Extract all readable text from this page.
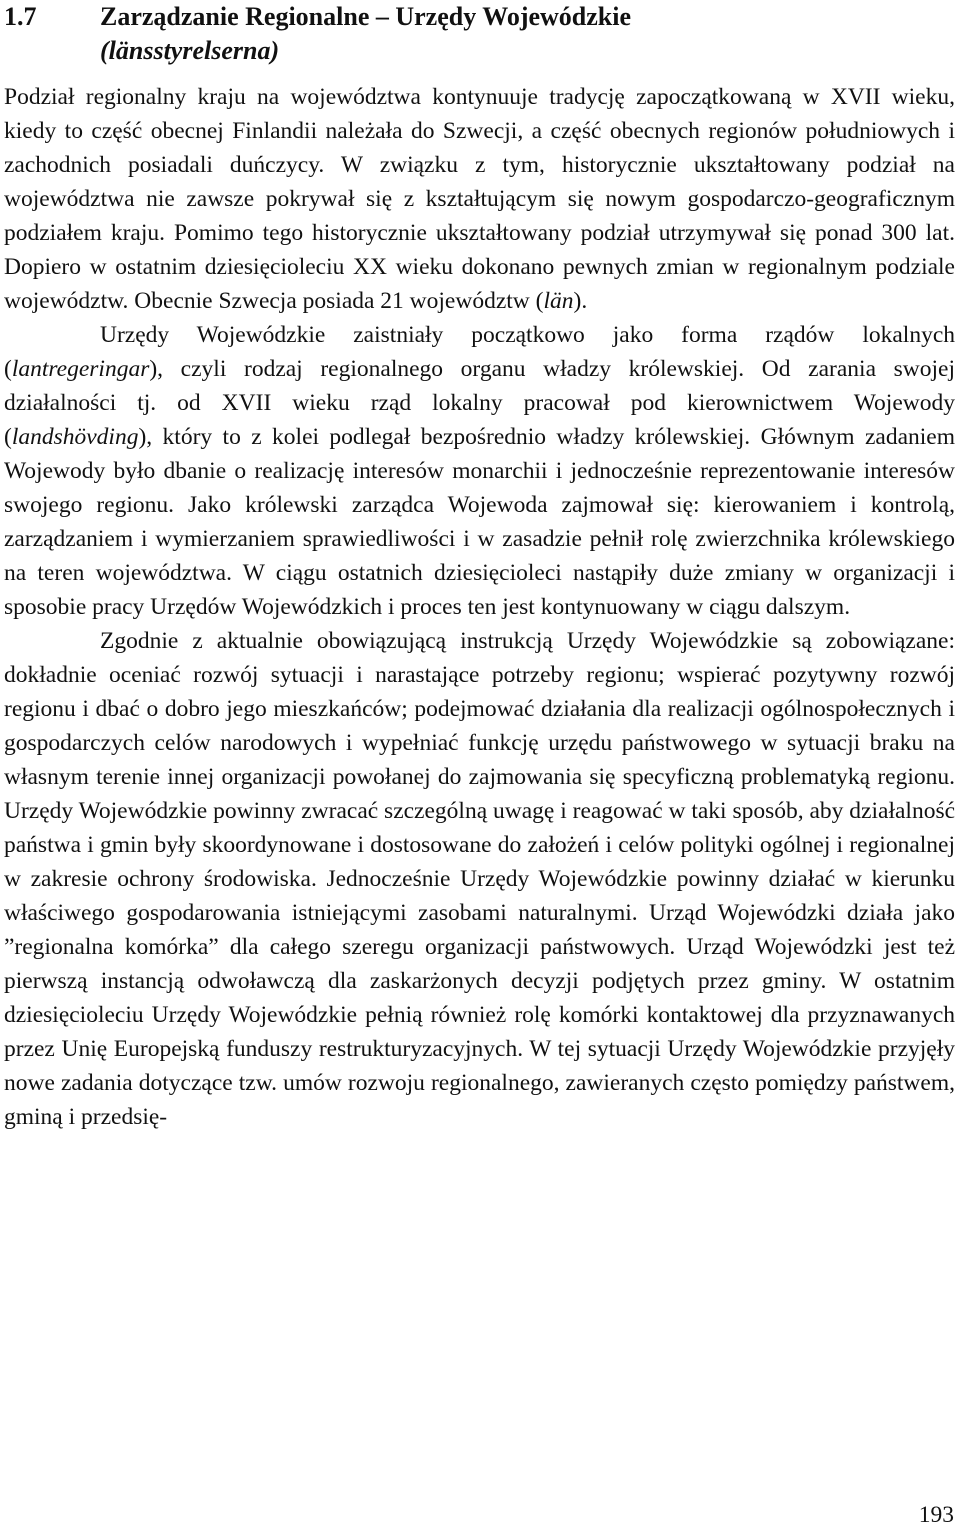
1.7 Zarządzanie Regionalne – Urzędy Wojewódzkie
(länsstyrelserna)

Podział regionalny kraju na województwa kontynuuje tradycję zapoczątkowaną w XVII wieku, kiedy to część obecnej Finlandii należała do Szwecji, a część obecnych regionów południowych i zachodnich posiadali duńczycy. W związku z tym, historycznie ukształtowany podział na województwa nie zawsze pokrywał się z kształtującym się nowym gospodarczo-geograficznym podziałem kraju. Pomimo tego historycznie ukształtowany podział utrzymywał się ponad 300 lat. Dopiero w ostatnim dziesięcioleciu XX wieku dokonano pewnych zmian w regionalnym podziale województw. Obecnie Szwecja posiada 21 województw (län).

Urzędy Wojewódzkie zaistniały początkowo jako forma rządów lokalnych (lantregeringar), czyli rodzaj regionalnego organu władzy królewskiej. Od zarania swojej działalności tj. od XVII wieku rząd lokalny pracował pod kierownictwem Wojewody (landshövding), który to z kolei podlegał bezpośrednio władzy królewskiej. Głównym zadaniem Wojewody było dbanie o realizację interesów monarchii i jednocześnie reprezentowanie interesów swojego regionu. Jako królewski zarządca Wojewoda zajmował się: kierowaniem i kontrolą, zarządzaniem i wymierzaniem sprawiedliwości i w zasadzie pełnił rolę zwierzchnika królewskiego na teren województwa. W ciągu ostatnich dziesięcioleci nastąpiły duże zmiany w organizacji i sposobie pracy Urzędów Wojewódzkich i proces ten jest kontynuowany w ciągu dalszym.

Zgodnie z aktualnie obowiązującą instrukcją Urzędy Wojewódzkie są zobowiązane: dokładnie oceniać rozwój sytuacji i narastające potrzeby regionu; wspierać pozytywny rozwój regionu i dbać o dobro jego mieszkańców; podejmować działania dla realizacji ogólnospołecznych i gospodarczych celów narodowych i wypełniać funkcję urzędu państwowego w sytuacji braku na własnym terenie innej organizacji powołanej do zajmowania się specyficzną problematyką regionu. Urzędy Wojewódzkie powinny zwracać szczególną uwagę i reagować w taki sposób, aby działalność państwa i gmin były skoordynowane i dostosowane do założeń i celów polityki ogólnej i regionalnej w zakresie ochrony środowiska. Jednocześnie Urzędy Wojewódzkie powinny działać w kierunku właściwego gospodarowania istniejącymi zasobami naturalnymi. Urząd Wojewódzki działa jako ”regionalna komórka” dla całego szeregu organizacji państwowych. Urząd Wojewódzki jest też pierwszą instancją odwoławczą dla zaskarżonych decyzji podjętych przez gminy. W ostatnim dziesięcioleciu Urzędy Wojewódzkie pełnią również rolę komórki kontaktowej dla przyznawanych przez Unię Europejską funduszy restrukturyzacyjnych. W tej sytuacji Urzędy Wojewódzkie przyjęły nowe zadania dotyczące tzw. umów rozwoju regionalnego, zawieranych często pomiędzy państwem, gminą i przedsię-

193
